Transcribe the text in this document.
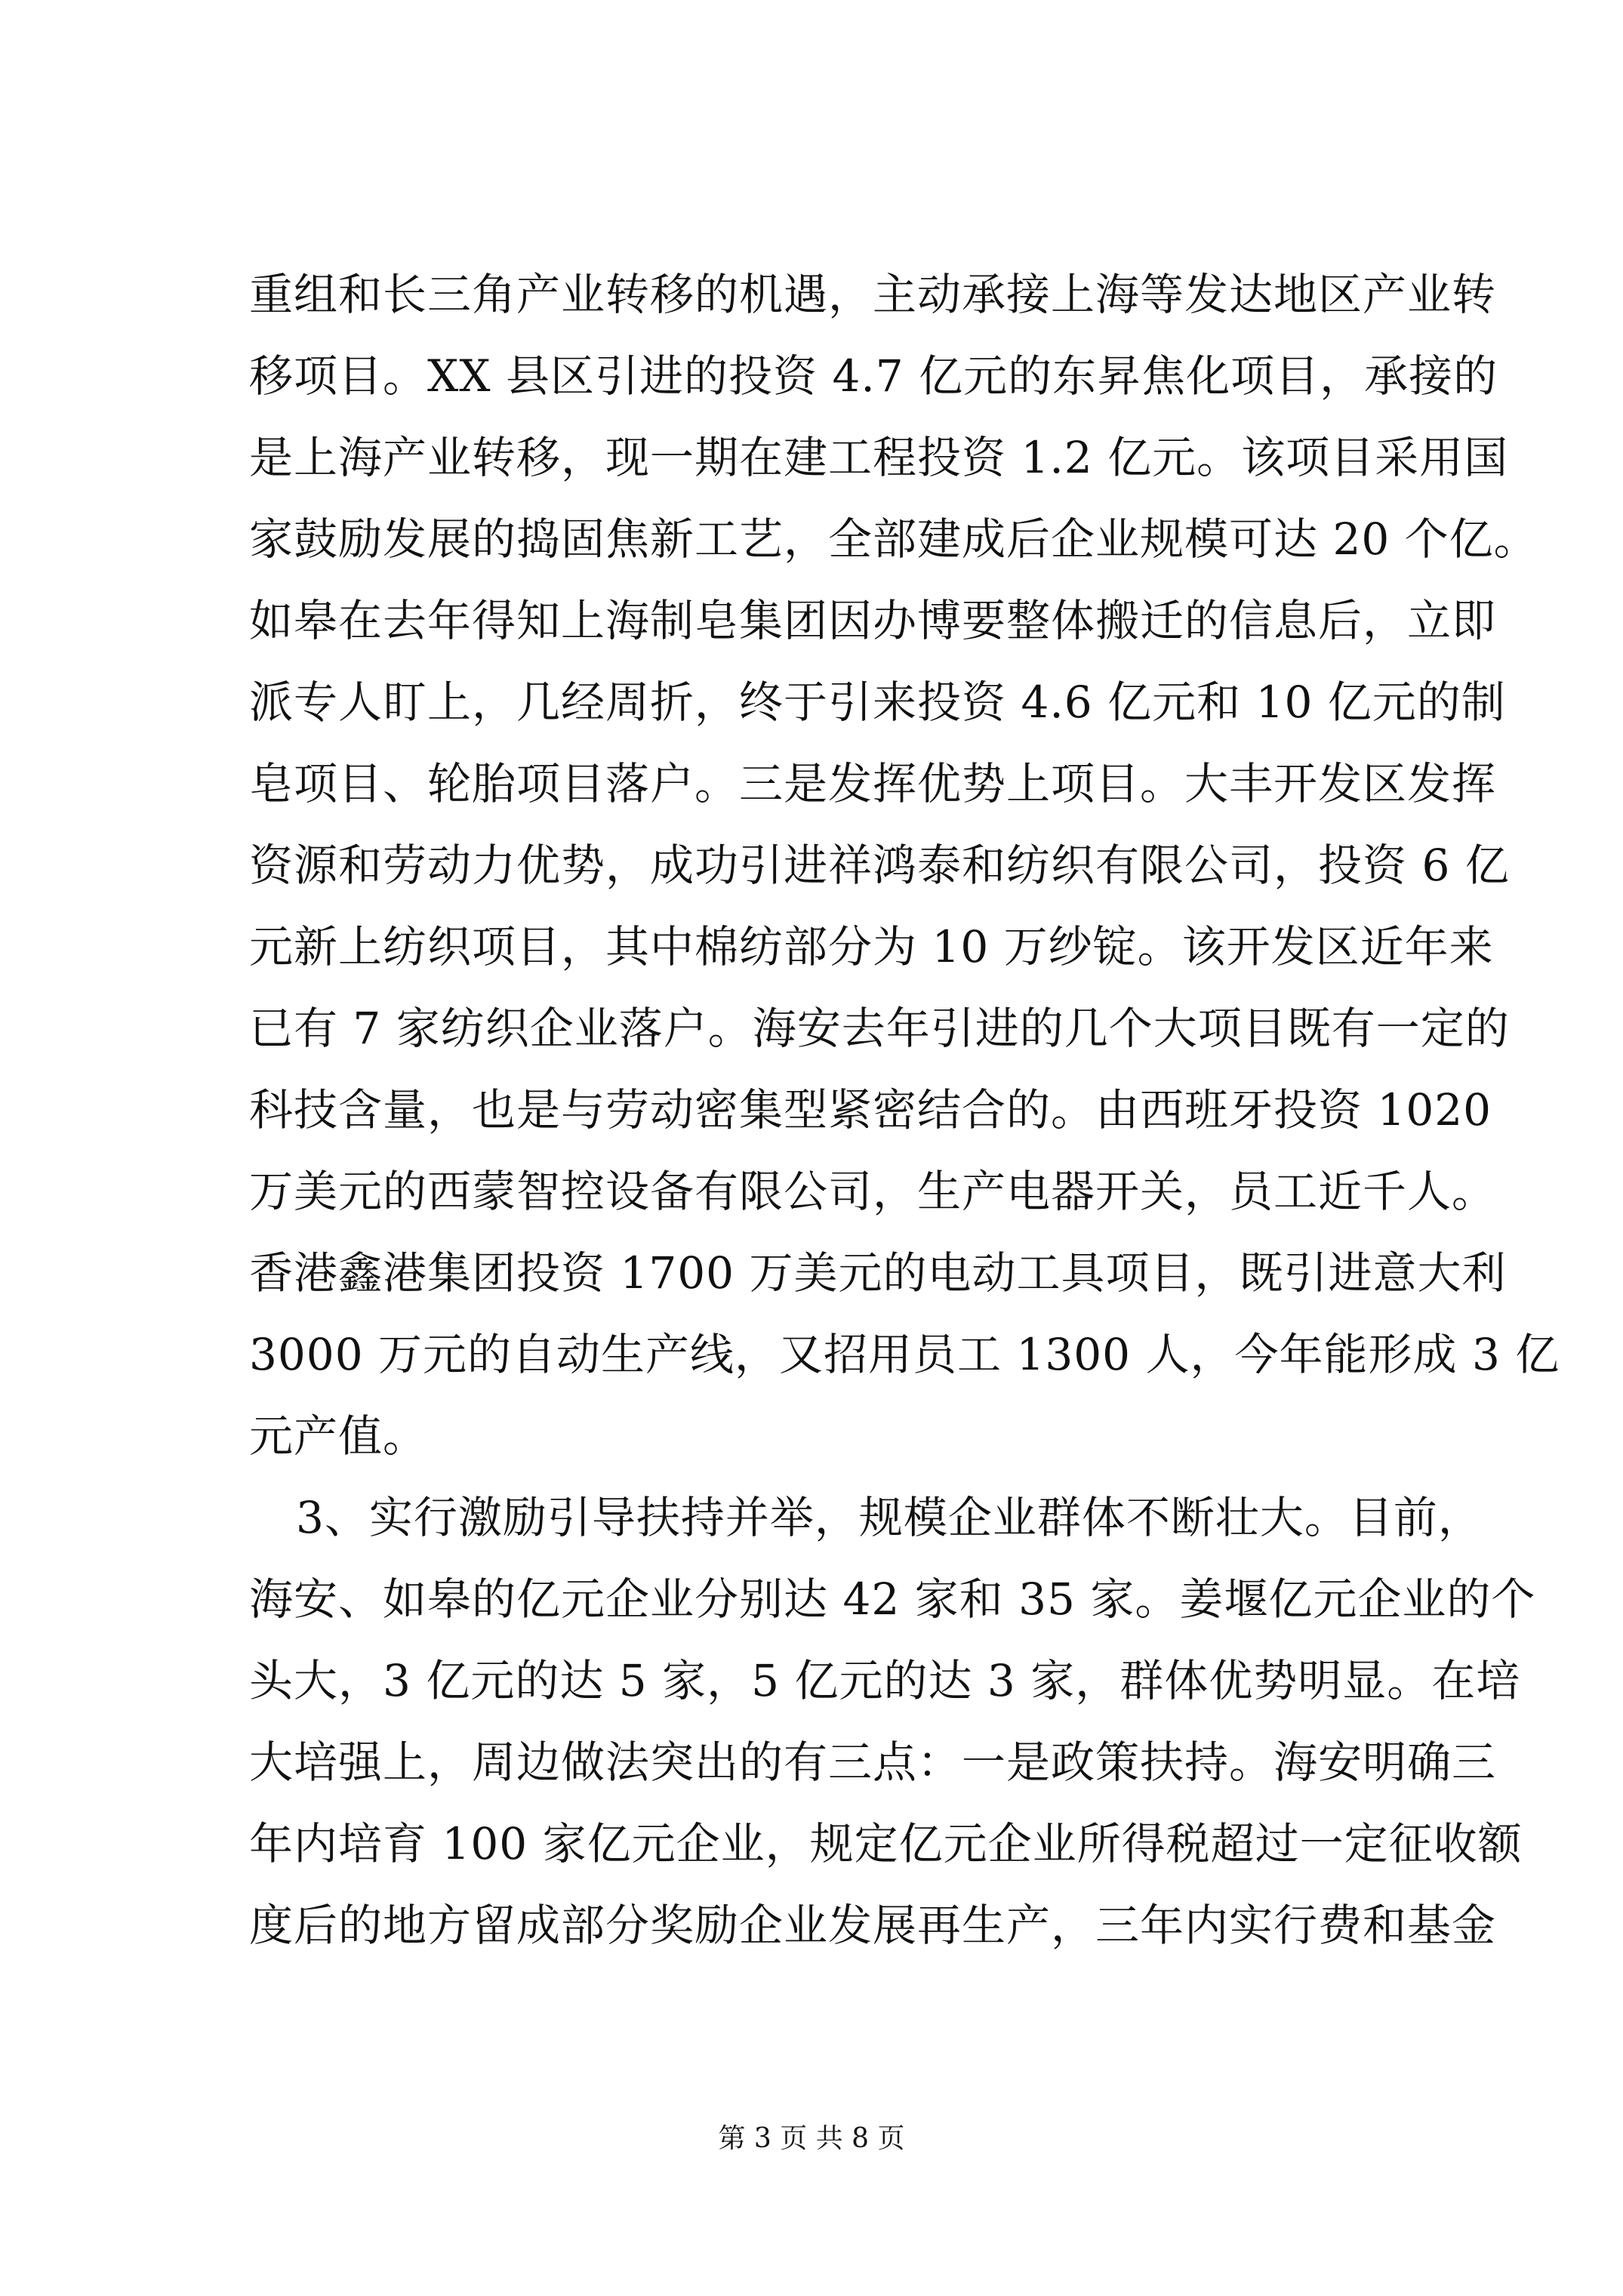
重组和长三角产业转移的机遇，主动承接上海等发达地区产业转
移项目。XX 县区引进的投资 4.7 亿元的东昇焦化项目，承接的
是上海产业转移，现一期在建工程投资 1.2 亿元。该项目采用国
家鼓励发展的捣固焦新工艺，全部建成后企业规模可达 20 个亿。
如皋在去年得知上海制皂集团因办博要整体搬迁的信息后，立即
派专人盯上，几经周折，终于引来投资 4.6 亿元和 10 亿元的制
皂项目、轮胎项目落户。三是发挥优势上项目。大丰开发区发挥
资源和劳动力优势，成功引进祥鸿泰和纺织有限公司，投资 6 亿
元新上纺织项目，其中棉纺部分为 10 万纱锭。该开发区近年来
已有 7 家纺织企业落户。海安去年引进的几个大项目既有一定的
科技含量，也是与劳动密集型紧密结合的。由西班牙投资 1020
万美元的西蒙智控设备有限公司，生产电器开关，员工近千人。
香港鑫港集团投资 1700 万美元的电动工具项目，既引进意大利
3000 万元的自动生产线，又招用员工 1300 人，今年能形成 3 亿
元产值。
3、实行激励引导扶持并举，规模企业群体不断壮大。目前，
海安、如皋的亿元企业分别达 42 家和 35 家。姜堰亿元企业的个
头大，3 亿元的达 5 家，5 亿元的达 3 家，群体优势明显。在培
大培强上，周边做法突出的有三点：一是政策扶持。海安明确三
年内培育 100 家亿元企业，规定亿元企业所得税超过一定征收额
度后的地方留成部分奖励企业发展再生产，三年内实行费和基金
第 3 页 共 8 页
